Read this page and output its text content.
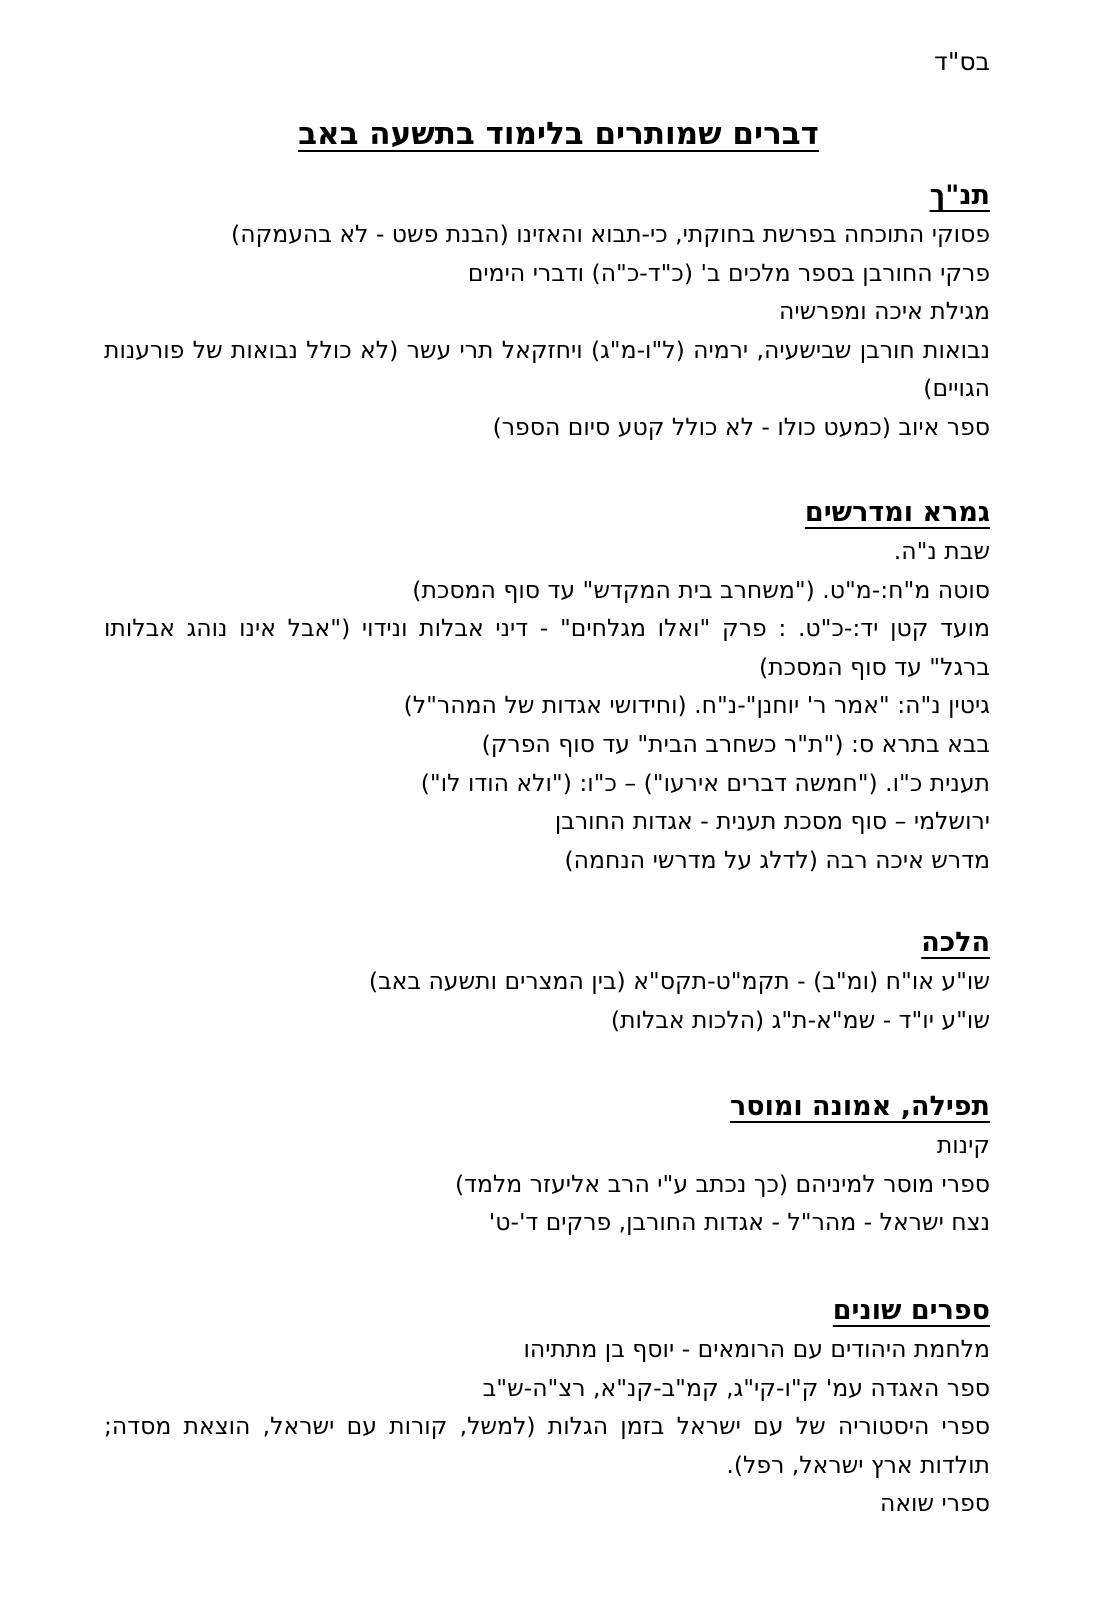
בס"ד
דברים שמותרים בלימוד בתשעה באב
תנ"ך
פסוקי התוכחה בפרשת בחוקתי, כי-תבוא והאזינו (הבנת פשט - לא בהעמקה)
פרקי החורבן בספר מלכים ב' (כ"ד-כ"ה) ודברי הימים
מגילת איכה ומפרשיה
נבואות חורבן שבישעיה, ירמיה (ל"ו-מ"ג) ויחזקאל תרי עשר (לא כולל נבואות של פורענות הגויים)
ספר איוב (כמעט כולו - לא כולל קטע סיום הספר)
גמרא ומדרשים
שבת נ"ה.
סוטה מ"ח:-מ"ט. ("משחרב בית המקדש" עד סוף המסכת)
מועד קטן יד:-כ"ט. : פרק "ואלו מגלחים" - דיני אבלות ונידוי ("אבל אינו נוהג אבלותו ברגל" עד סוף המסכת)
גיטין נ"ה: "אמר ר' יוחנן"-נ"ח. (וחידושי אגדות של המהר"ל)
בבא בתרא ס: ("ת"ר כשחרב הבית" עד סוף הפרק)
תענית כ"ו. ("חמשה דברים אירעו") – כ"ו: ("ולא הודו לו")
ירושלמי – סוף מסכת תענית - אגדות החורבן
מדרש איכה רבה (לדלג על מדרשי הנחמה)
הלכה
שו"ע או"ח (ומ"ב) - תקמ"ט-תקס"א (בין המצרים ותשעה באב)
שו"ע יו"ד - שמ"א-ת"ג (הלכות אבלות)
תפילה, אמונה ומוסר
קינות
ספרי מוסר למיניהם (כך נכתב ע"י הרב אליעזר מלמד)
נצח ישראל - מהר"ל - אגדות החורבן, פרקים ד'-ט'
ספרים שונים
מלחמת היהודים עם הרומאים - יוסף בן מתתיהו
ספר האגדה עמ' ק"ו-קי"ג, קמ"ב-קנ"א, רצ"ה-ש"ב
ספרי היסטוריה של עם ישראל בזמן הגלות (למשל, קורות עם ישראל, הוצאת מסדה; תולדות ארץ ישראל, רפל).
ספרי שואה
